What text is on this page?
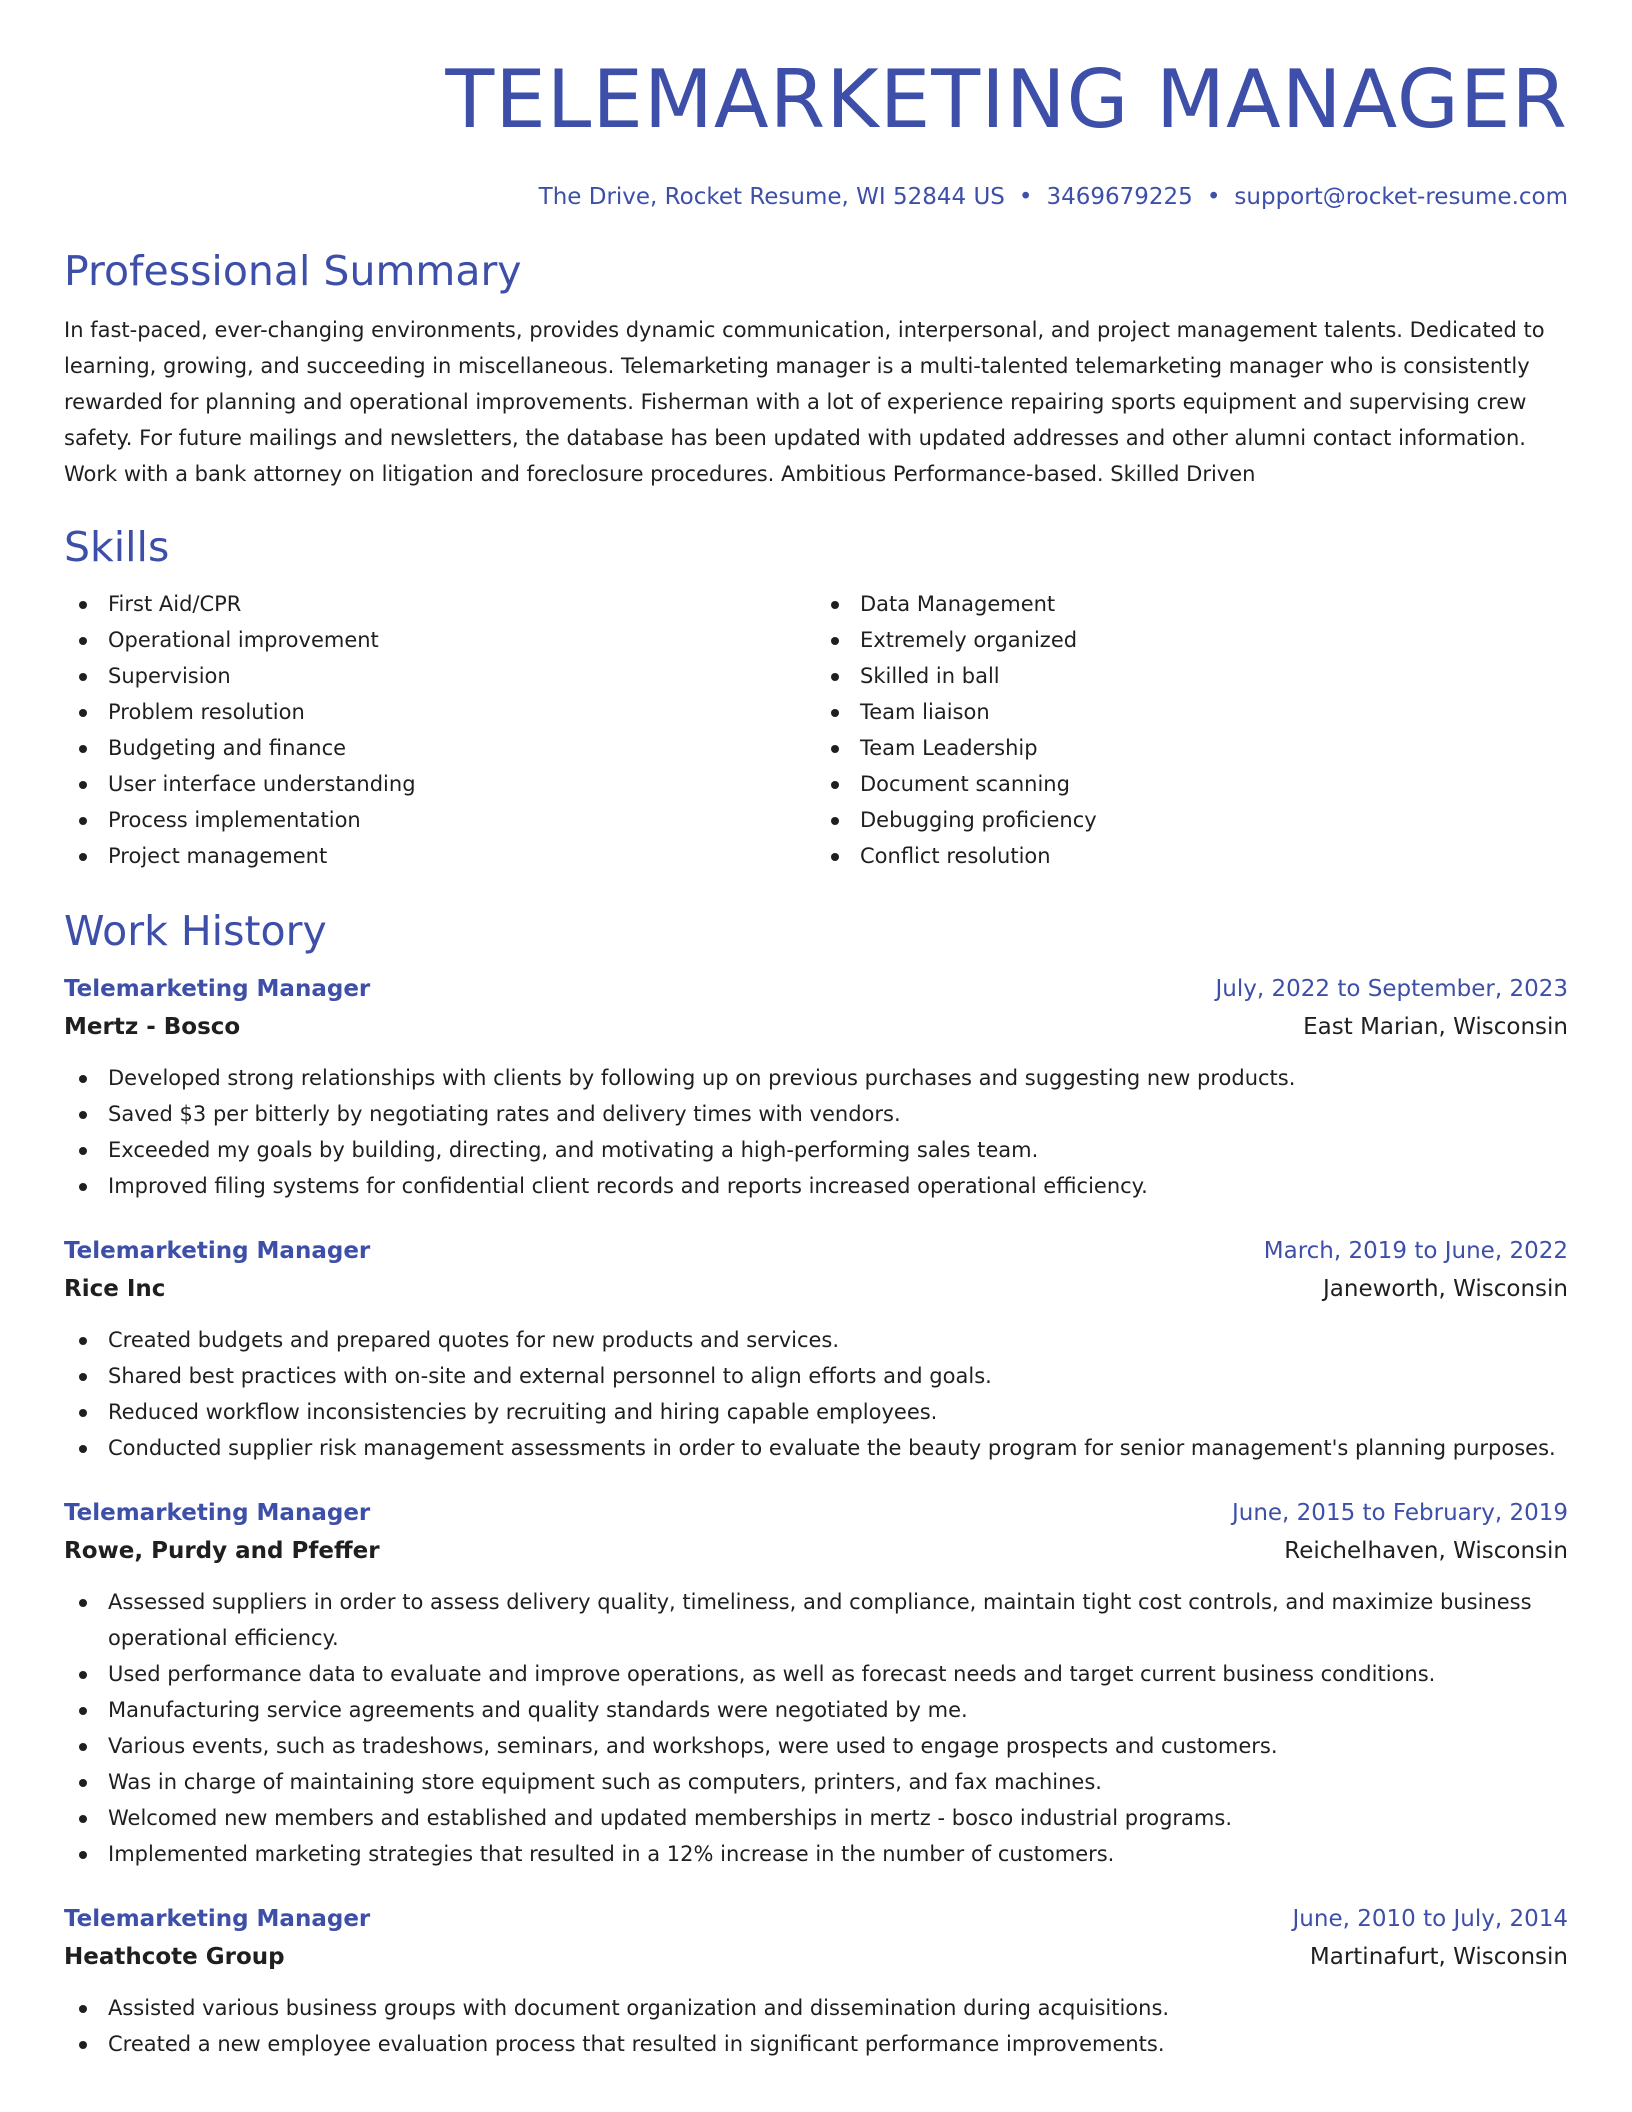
TELEMARKETING MANAGER
The Drive, Rocket Resume, WI 52844 US • 3469679225 • support@rocket-resume.com
Professional Summary

In fast-paced, ever-changing environments, provides dynamic communication, interpersonal, and project management talents. Dedicated to learning, growing, and succeeding in miscellaneous. Telemarketing manager is a multi-talented telemarketing manager who is consistently rewarded for planning and operational improvements. Fisherman with a lot of experience repairing sports equipment and supervising crew safety. For future mailings and newsletters, the database has been updated with updated addresses and other alumni contact information. Work with a bank attorney on litigation and foreclosure procedures. Ambitious Performance-based. Skilled Driven

Skills
First Aid/CPR
Operational improvement
Supervision
Problem resolution
Budgeting and finance
User interface understanding
Process implementation
Project management
Data Management
Extremely organized
Skilled in ball
Team liaison
Team Leadership
Document scanning
Debugging proficiency
Conflict resolution
Work History
Telemarketing Manager	July, 2022 to September, 2023
Mertz - Bosco	East Marian, Wisconsin
Developed strong relationships with clients by following up on previous purchases and suggesting new products.
Saved $3 per bitterly by negotiating rates and delivery times with vendors.
Exceeded my goals by building, directing, and motivating a high-performing sales team.
Improved filing systems for confidential client records and reports increased operational efficiency.
Telemarketing Manager	March, 2019 to June, 2022
Rice Inc	Janeworth, Wisconsin
Created budgets and prepared quotes for new products and services.
Shared best practices with on-site and external personnel to align efforts and goals.
Reduced workflow inconsistencies by recruiting and hiring capable employees.
Conducted supplier risk management assessments in order to evaluate the beauty program for senior management's planning purposes.
Telemarketing Manager	June, 2015 to February, 2019
Rowe, Purdy and Pfeffer	Reichelhaven, Wisconsin
Assessed suppliers in order to assess delivery quality, timeliness, and compliance, maintain tight cost controls, and maximize business operational efficiency.
Used performance data to evaluate and improve operations, as well as forecast needs and target current business conditions.
Manufacturing service agreements and quality standards were negotiated by me.
Various events, such as tradeshows, seminars, and workshops, were used to engage prospects and customers.
Was in charge of maintaining store equipment such as computers, printers, and fax machines.
Welcomed new members and established and updated memberships in mertz - bosco industrial programs.
Implemented marketing strategies that resulted in a 12% increase in the number of customers.
Telemarketing Manager	June, 2010 to July, 2014
Heathcote Group	Martinafurt, Wisconsin
Assisted various business groups with document organization and dissemination during acquisitions.
Created a new employee evaluation process that resulted in significant performance improvements.
